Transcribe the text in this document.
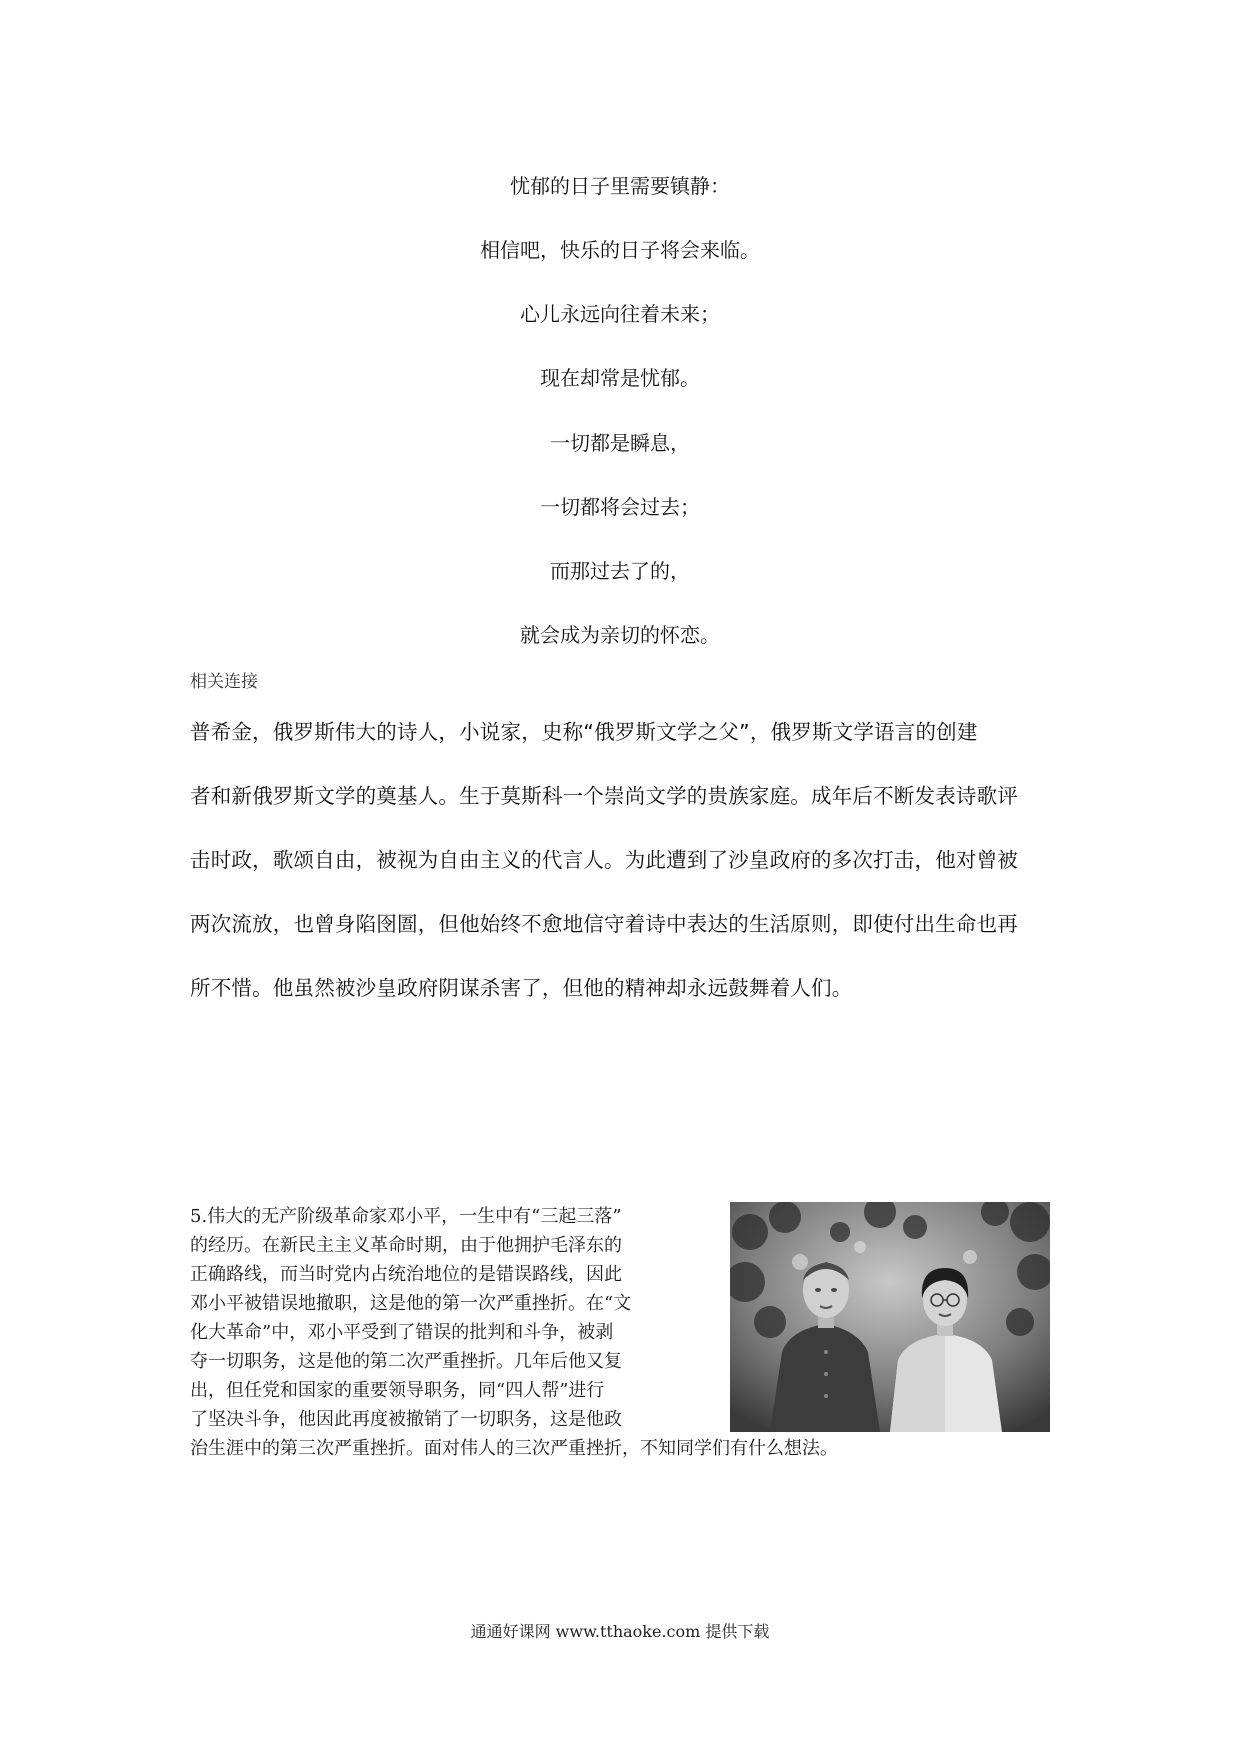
忧郁的日子里需要镇静：
相信吧，快乐的日子将会来临。
心儿永远向往着未来；
现在却常是忧郁。
一切都是瞬息，
一切都将会过去；
而那过去了的，
就会成为亲切的怀恋。
相关连接
普希金，俄罗斯伟大的诗人，小说家，史称“俄罗斯文学之父”，俄罗斯文学语言的创建
者和新俄罗斯文学的奠基人。生于莫斯科一个崇尚文学的贵族家庭。成年后不断发表诗歌评
击时政，歌颂自由，被视为自由主义的代言人。为此遭到了沙皇政府的多次打击，他对曾被
两次流放，也曾身陷囹圄，但他始终不愈地信守着诗中表达的生活原则，即使付出生命也再
所不惜。他虽然被沙皇政府阴谋杀害了，但他的精神却永远鼓舞着人们。
5.伟大的无产阶级革命家邓小平，一生中有“三起三落”
的经历。在新民主主义革命时期，由于他拥护毛泽东的
正确路线，而当时党内占统治地位的是错误路线，因此
邓小平被错误地撤职，这是他的第一次严重挫折。在“文
化大革命”中，邓小平受到了错误的批判和斗争，被剥
夺一切职务，这是他的第二次严重挫折。几年后他又复
出，但任党和国家的重要领导职务，同“四人帮”进行
了坚决斗争，他因此再度被撤销了一切职务，这是他政
治生涯中的第三次严重挫折。面对伟人的三次严重挫折，不知同学们有什么想法。
通通好课网 www.tthaoke.com 提供下载
